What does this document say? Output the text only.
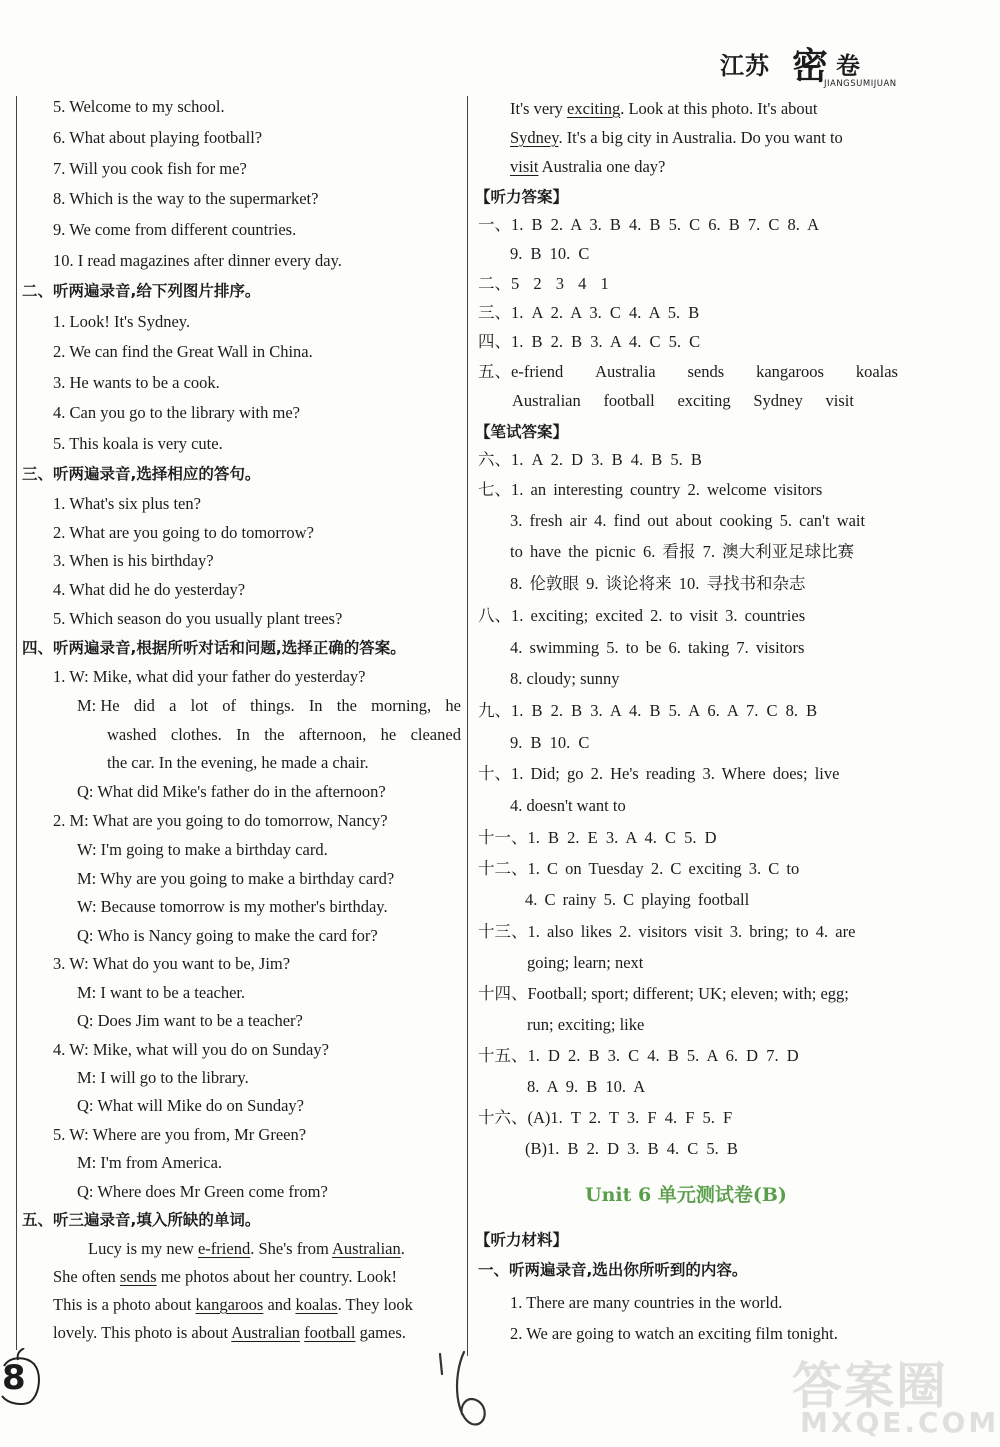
江苏 密 卷
JIANGSUMIJUAN
5. Welcome to my school.
6. What about playing football?
7. Will you cook fish for me?
8. Which is the way to the supermarket?
9. We come from different countries.
10. I read magazines after dinner every day.
二、听两遍录音,给下列图片排序。
1. Look! It's Sydney.
2. We can find the Great Wall in China.
3. He wants to be a cook.
4. Can you go to the library with me?
5. This koala is very cute.
三、听两遍录音,选择相应的答句。
1. What's six plus ten?
2. What are you going to do tomorrow?
3. When is his birthday?
4. What did he do yesterday?
5. Which season do you usually plant trees?
四、听两遍录音,根据所听对话和问题,选择正确的答案。
1. W: Mike, what did your father do yesterday?
M: He did a lot of things. In the morning, he
washed clothes. In the afternoon, he cleaned
the car. In the evening, he made a chair.
Q: What did Mike's father do in the afternoon?
2. M: What are you going to do tomorrow, Nancy?
W: I'm going to make a birthday card.
M: Why are you going to make a birthday card?
W: Because tomorrow is my mother's birthday.
Q: Who is Nancy going to make the card for?
3. W: What do you want to be, Jim?
M: I want to be a teacher.
Q: Does Jim want to be a teacher?
4. W: Mike, what will you do on Sunday?
M: I will go to the library.
Q: What will Mike do on Sunday?
5. W: Where are you from, Mr Green?
M: I'm from America.
Q: Where does Mr Green come from?
五、听三遍录音,填入所缺的单词。
Lucy is my new e-friend. She's from Australian.
She often sends me photos about her country. Look!
This is a photo about kangaroos and koalas. They look
lovely. This photo is about Australian football games.
It's very exciting. Look at this photo. It's about
Sydney. It's a big city in Australia. Do you want to
visit Australia one day?
【听力答案】
一、1. B 2. A 3. B 4. B 5. C 6. B 7. C 8. A
9. B 10. C
二、5 2 3 4 1
三、1. A 2. A 3. C 4. A 5. B
四、1. B 2. B 3. A 4. C 5. C
五、e-friend Australia sends kangaroos koalas
Australian football exciting Sydney visit
【笔试答案】
六、1. A 2. D 3. B 4. B 5. B
七、1. an interesting country 2. welcome visitors
3. fresh air 4. find out about cooking 5. can't wait
to have the picnic 6. 看报 7. 澳大利亚足球比赛
8. 伦敦眼 9. 谈论将来 10. 寻找书和杂志
八、1. exciting; excited 2. to visit 3. countries
4. swimming 5. to be 6. taking 7. visitors
8. cloudy; sunny
九、1. B 2. B 3. A 4. B 5. A 6. A 7. C 8. B
9. B 10. C
十、1. Did; go 2. He's reading 3. Where does; live
4. doesn't want to
十一、1. B 2. E 3. A 4. C 5. D
十二、1. C on Tuesday 2. C exciting 3. C to
4. C rainy 5. C playing football
十三、1. also likes 2. visitors visit 3. bring; to 4. are
going; learn; next
十四、Football; sport; different; UK; eleven; with; egg;
run; exciting; like
十五、1. D 2. B 3. C 4. B 5. A 6. D 7. D
8. A 9. B 10. A
十六、(A)1. T 2. T 3. F 4. F 5. F
(B)1. B 2. D 3. B 4. C 5. B
Unit 6 单元测试卷(B)
【听力材料】
一、听两遍录音,选出你所听到的内容。
1. There are many countries in the world.
2. We are going to watch an exciting film tonight.
8	答案圈
MXQE.COM
